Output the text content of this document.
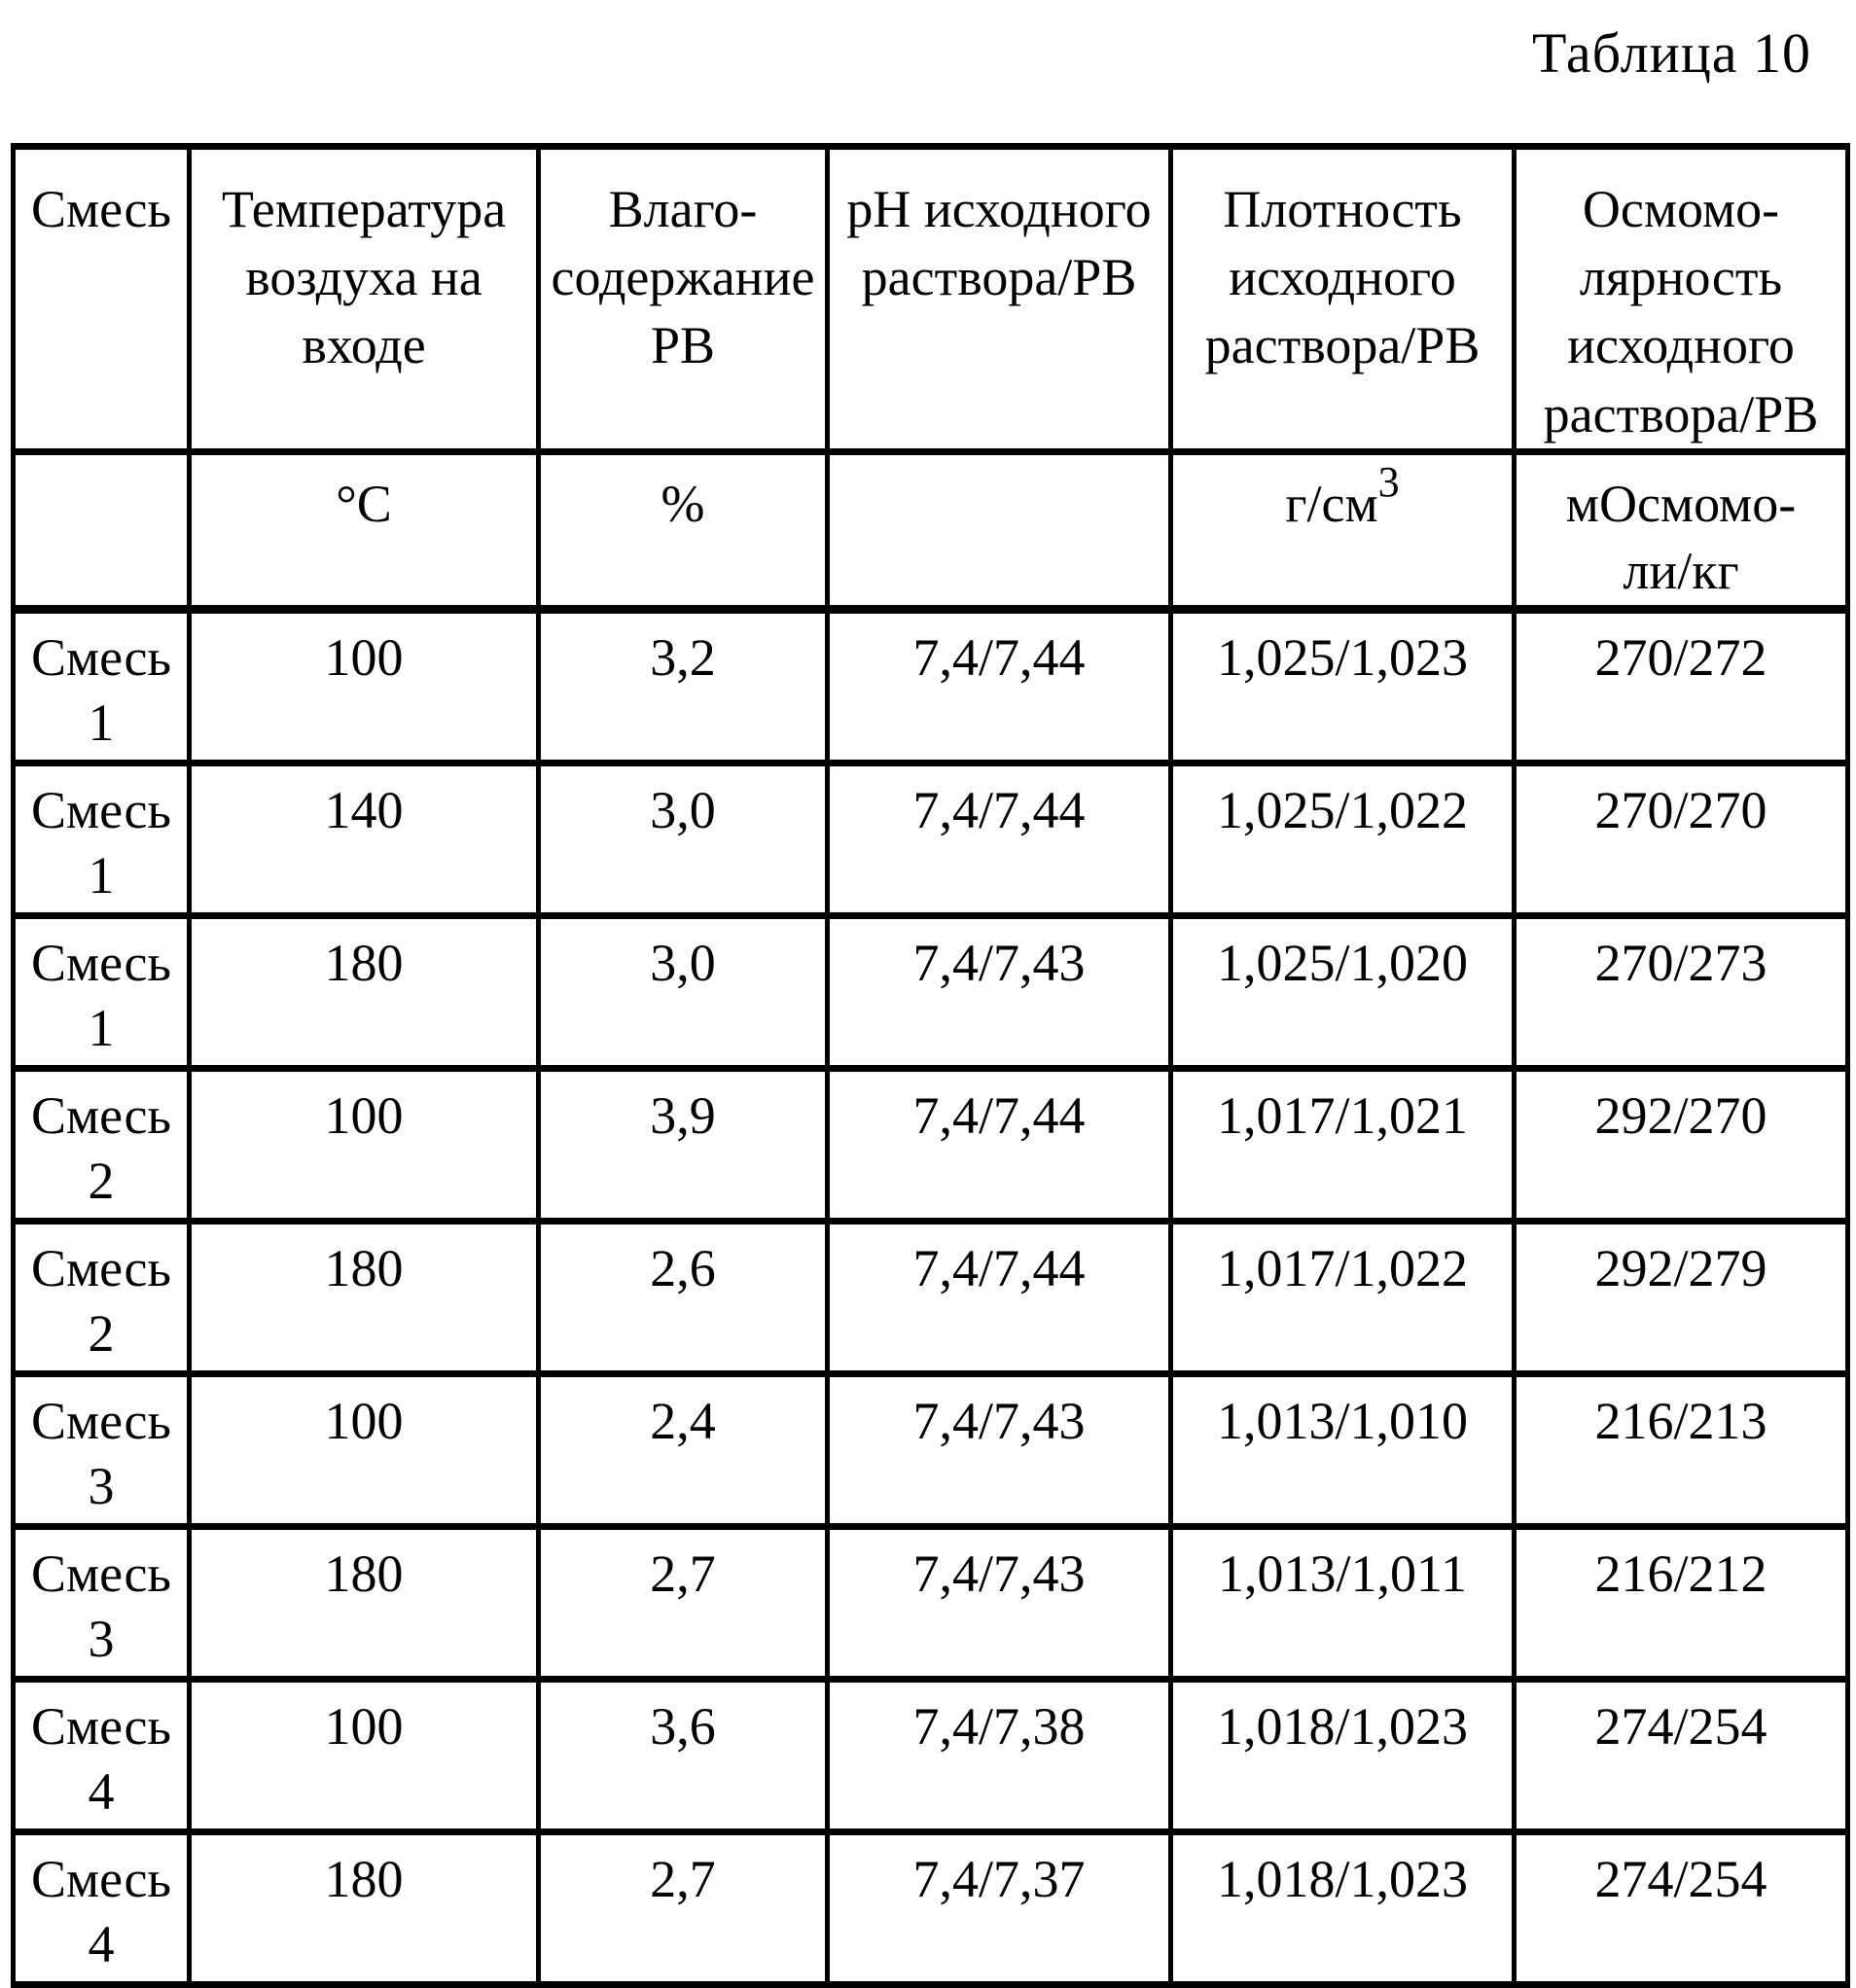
Таблица 10
Смесь	Температура
воздуха на
входе	Влаго-
содержание
РВ	pH исходного
раствора/РВ	Плотность
исходного
раствора/РВ	Осмомо-
лярность
исходного
раствора/РВ
	°С	%		$г/см^3$	мОсмомо-
ли/кг
Смесь
1	100	3,2	7,4/7,44	1,025/1,023	270/272
Смесь
1	140	3,0	7,4/7,44	1,025/1,022	270/270
Смесь
1	180	3,0	7,4/7,43	1,025/1,020	270/273
Смесь
2	100	3,9	7,4/7,44	1,017/1,021	292/270
Смесь
2	180	2,6	7,4/7,44	1,017/1,022	292/279
Смесь
3	100	2,4	7,4/7,43	1,013/1,010	216/213
Смесь
3	180	2,7	7,4/7,43	1,013/1,011	216/212
Смесь
4	100	3,6	7,4/7,38	1,018/1,023	274/254
Смесь
4	180	2,7	7,4/7,37	1,018/1,023	274/254
